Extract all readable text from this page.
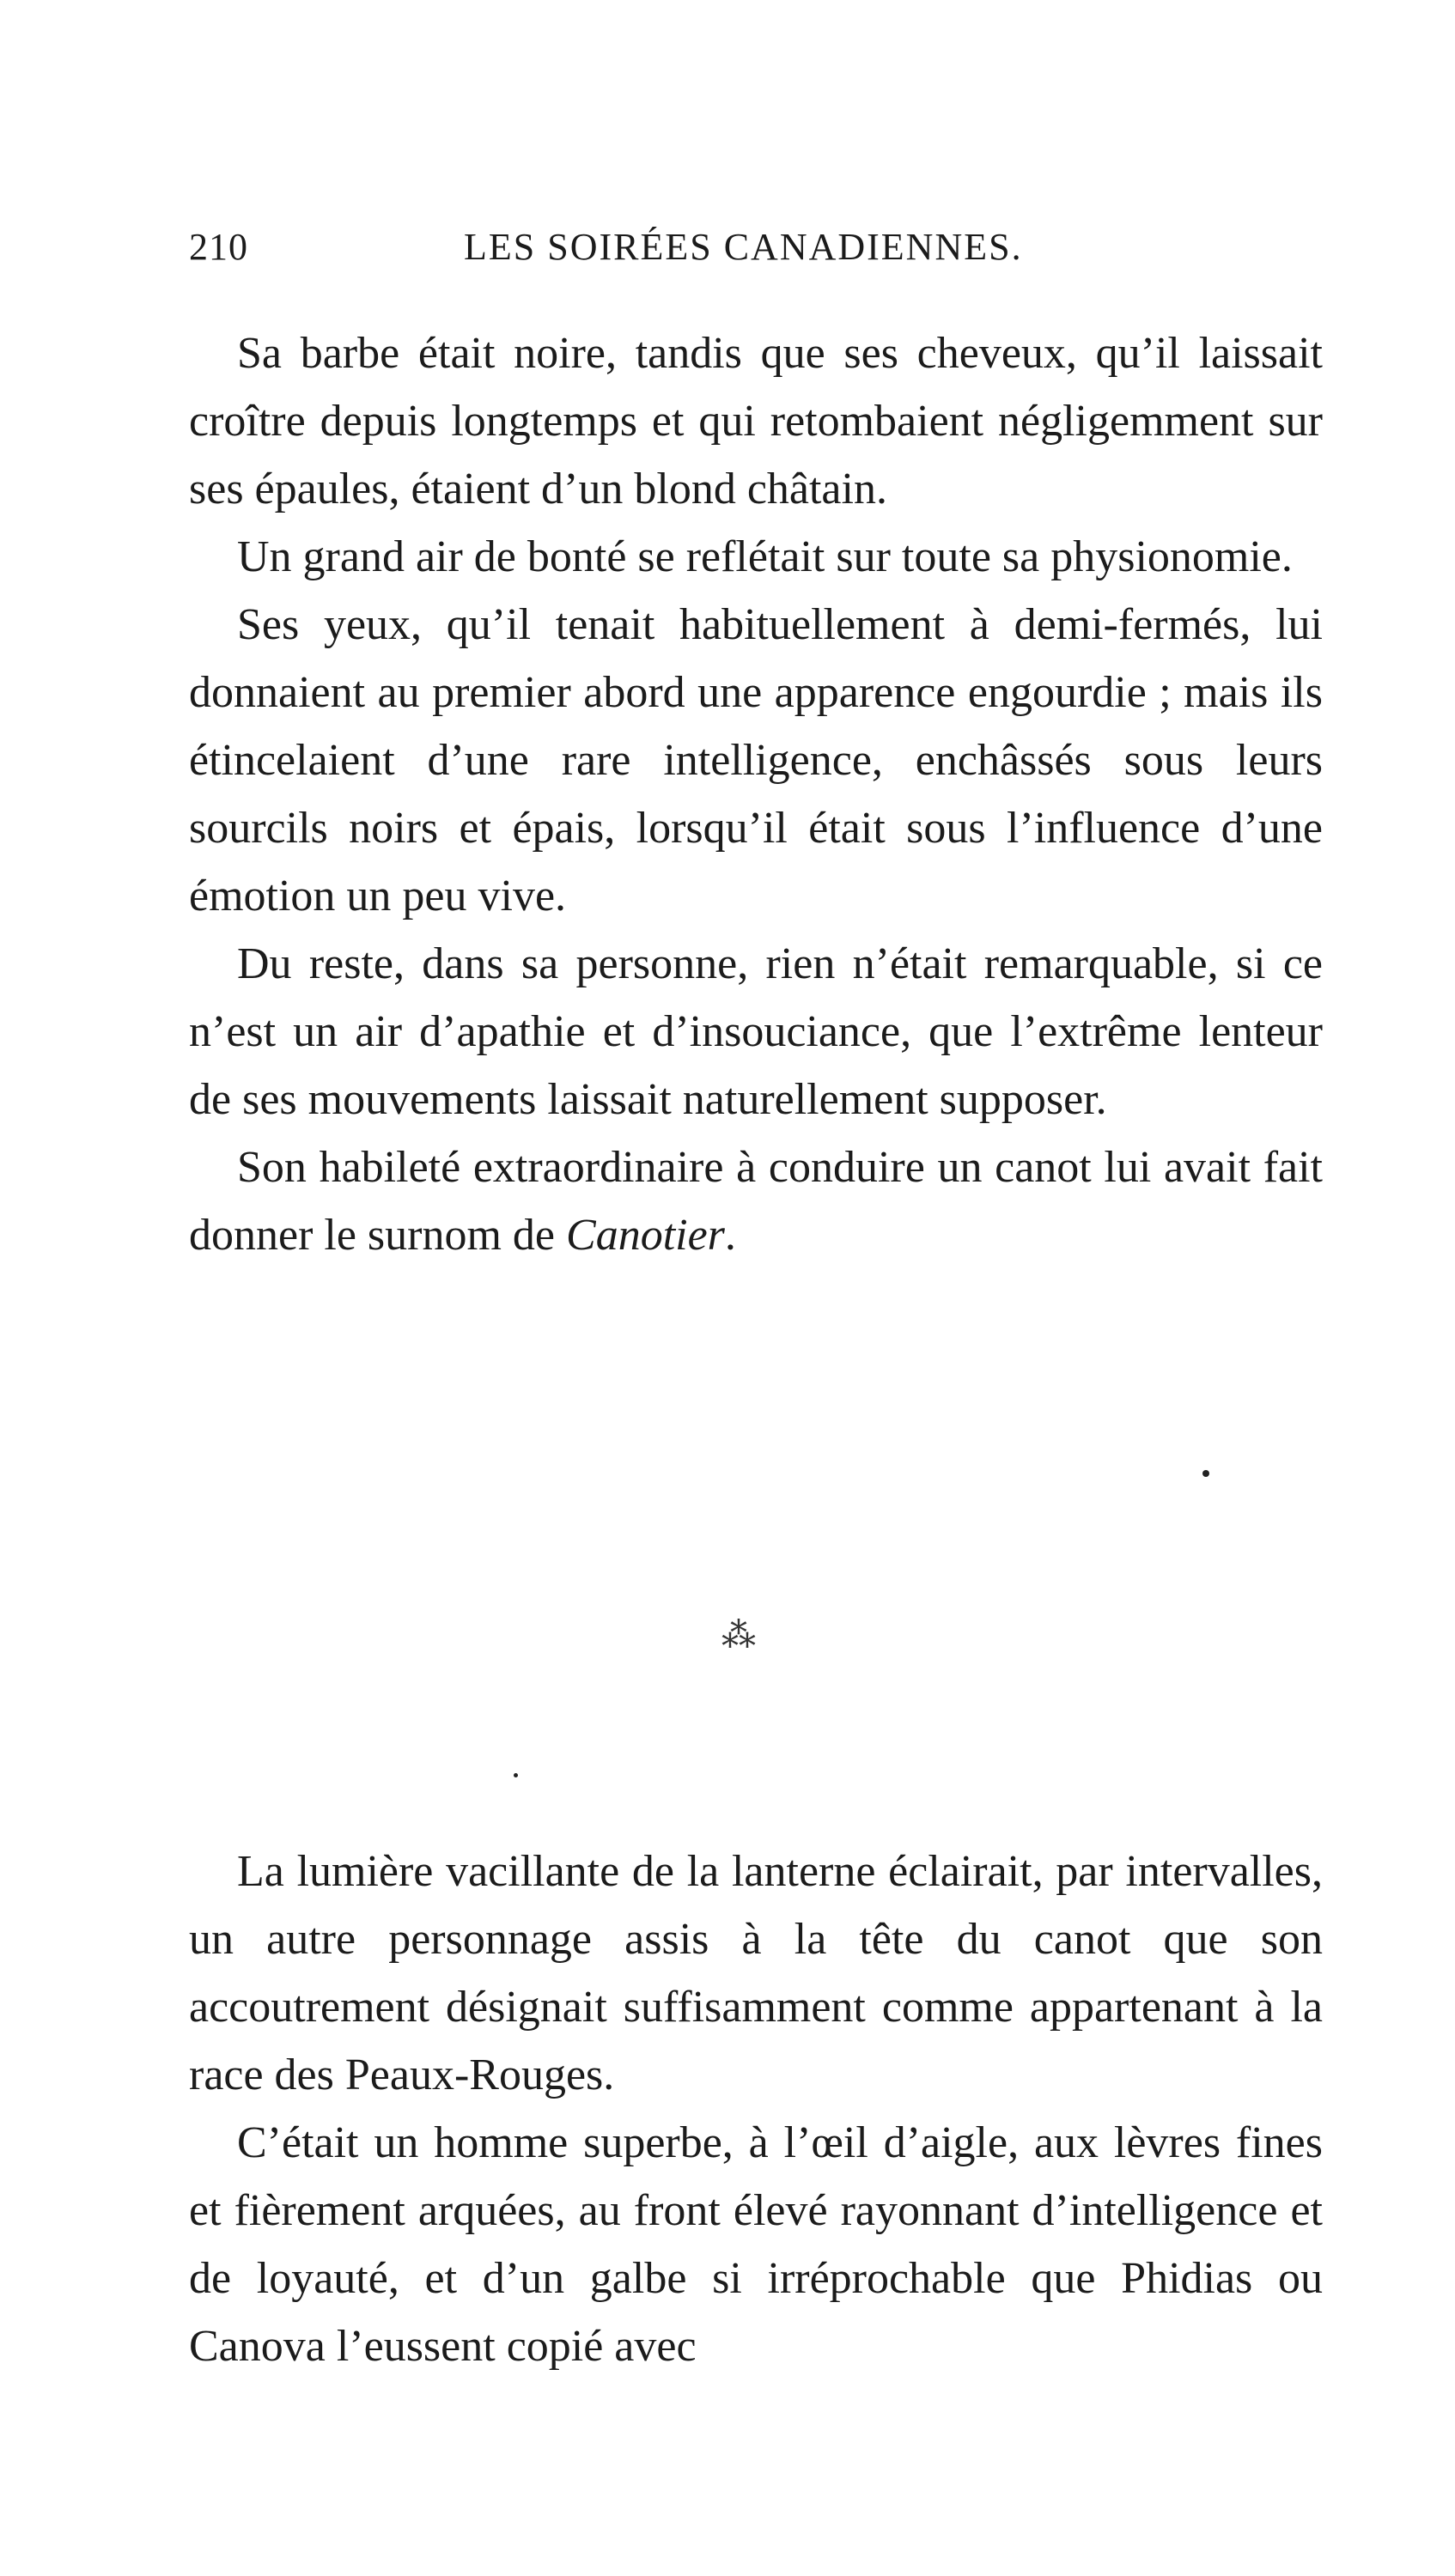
210	LES SOIRÉES CANADIENNES.

Sa barbe était noire, tandis que ses cheveux, qu’il laissait croître depuis longtemps et qui retombaient négligemment sur ses épaules, étaient d’un blond châtain.

Un grand air de bonté se reflétait sur toute sa physionomie.

Ses yeux, qu’il tenait habituellement à demi-fermés, lui donnaient au premier abord une apparence engourdie ; mais ils étincelaient d’une rare intelligence, enchâssés sous leurs sourcils noirs et épais, lorsqu’il était sous l’influence d’une émotion un peu vive.

Du reste, dans sa personne, rien n’était remarquable, si ce n’est un air d’apathie et d’insouciance, que l’extrême lenteur de ses mouvements laissait naturellement supposer.

Son habileté extraordinaire à conduire un canot lui avait fait donner le surnom de Canotier.

⁂

La lumière vacillante de la lanterne éclairait, par intervalles, un autre personnage assis à la tête du canot que son accoutrement désignait suffisamment comme appartenant à la race des Peaux-Rouges.

C’était un homme superbe, à l’œil d’aigle, aux lèvres fines et fièrement arquées, au front élevé rayonnant d’intelligence et de loyauté, et d’un galbe si irréprochable que Phidias ou Canova l’eussent copié avec
